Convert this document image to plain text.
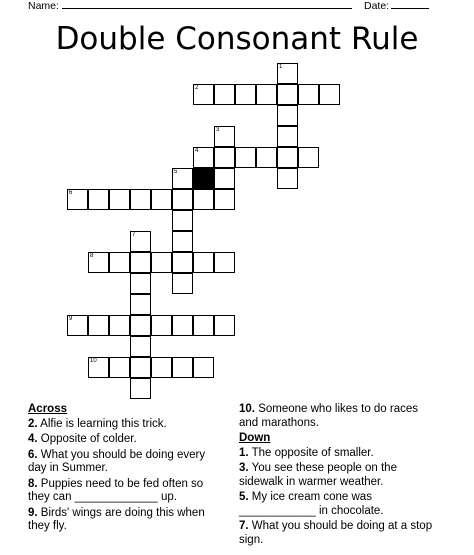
Name:	Date:
Double Consonant Rule
1
2
3
4
5
6
7
8
9
10
Across

2. Alfie is learning this trick.

4. Opposite of colder.

6. What you should be doing every day in Summer.

8. Puppies need to be fed often so they can _____________ up.

9. Birds' wings are doing this when they fly.

10. Someone who likes to do races and marathons.

Down

1. The opposite of smaller.

3. You see these people on the sidewalk in warmer weather.

5. My ice cream cone was ____________ in chocolate.

7. What you should be doing at a stop sign.
